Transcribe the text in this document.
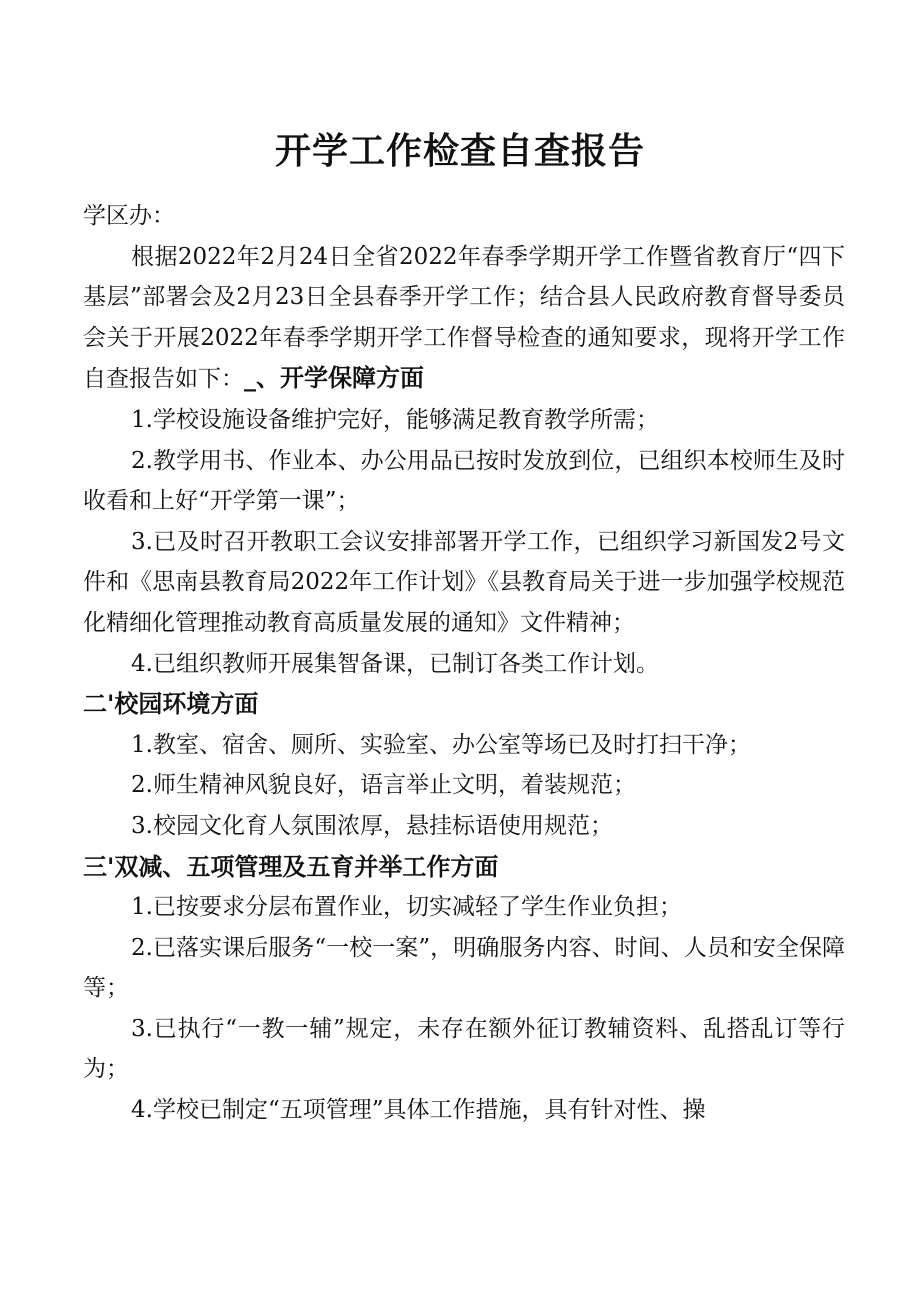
开学工作检查自查报告

学区办：

根据2022年2月24日全省2022年春季学期开学工作暨省教育厅“四下基层”部署会及2月23日全县春季开学工作；结合县人民政府教育督导委员会关于开展2022年春季学期开学工作督导检查的通知要求，现将开学工作自查报告如下：_、开学保障方面

1.学校设施设备维护完好，能够满足教育教学所需；

2.教学用书、作业本、办公用品已按时发放到位，已组织本校师生及时收看和上好“开学第一课”；

3.已及时召开教职工会议安排部署开学工作，已组织学习新国发2号文件和《思南县教育局2022年工作计划》《县教育局关于进一步加强学校规范化精细化管理推动教育高质量发展的通知》文件精神；

4.已组织教师开展集智备课，已制订各类工作计划。

二'校园环境方面

1.教室、宿舍、厕所、实验室、办公室等场已及时打扫干净；

2.师生精神风貌良好，语言举止文明，着装规范；

3.校园文化育人氛围浓厚，悬挂标语使用规范；

三'双减、五项管理及五育并举工作方面

1.已按要求分层布置作业，切实减轻了学生作业负担；

2.已落实课后服务“一校一案”，明确服务内容、时间、人员和安全保障等；

3.已执行“一教一辅”规定，未存在额外征订教辅资料、乱搭乱订等行为；

4.学校已制定“五项管理”具体工作措施，具有针对性、操
